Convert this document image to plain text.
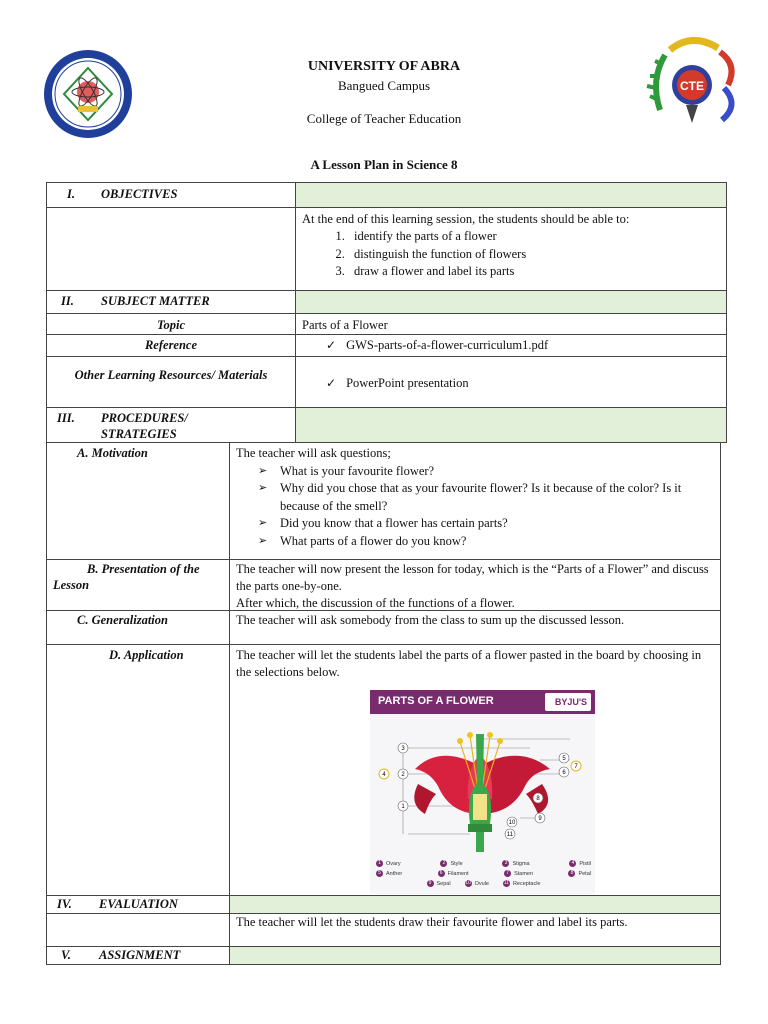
CTE
UNIVERSITY OF ABRA
Bangued Campus
College of Teacher Education
A Lesson Plan in Science 8
I. OBJECTIVES
At the end of this learning session, the students should be able to:
1. identify the parts of a flower
2. distinguish the function of flowers
3. draw a flower and label its parts
II. SUBJECT MATTER
Topic	Parts of a Flower
Reference
✓	GWS-parts-of-a-flower-curriculum1.pdf
Other Learning Resources/ Materials
✓ PowerPoint presentation
III. PROCEDURES/ STRATEGIES
A. Motivation	The teacher will ask questions;
➢ What is your favourite flower?
➢ Why did you chose that as your favourite flower? Is it because of the color? Is it because of the smell?
➢ Did you know that a flower has certain parts?
➢ What parts of a flower do you know?
B. Presentation of the Lesson
The teacher will now present the lesson for today, which is the “Parts of a Flower” and discuss the parts one-by-one.
After which, the discussion of the functions of a flower.
C. Generalization	The teacher will ask somebody from the class to sum up the discussed lesson.
D. Application	The teacher will let the students label the parts of a flower pasted in the board by choosing in the selections below.
PARTS OF A FLOWER	BYJU'S
3
2
4
1
5
6
7
8
9
10
11
1 Ovary	2 Style	3 Stigma	4 Pistil
5 Anther	6 Filament	7 Stamen	8 Petal
9 Sepal	10 Ovule	11 Receptacle
IV. EVALUATION
The teacher will let the students draw their favourite flower and label its parts.
V. ASSIGNMENT
